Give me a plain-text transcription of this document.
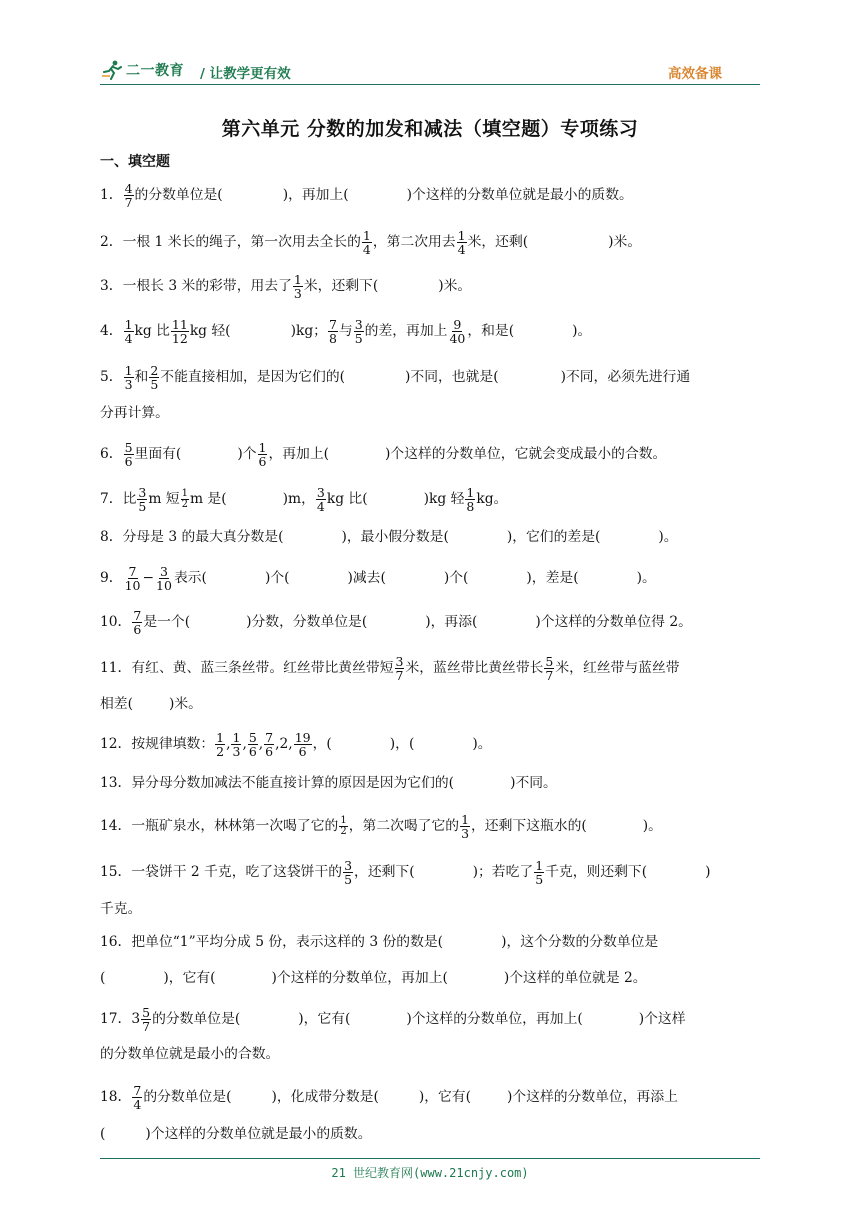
二一教育 / 让教学更有效	高效备课
第六单元 分数的加发和减法（填空题）专项练习
一、填空题
1． $\frac{4}{7}$ 的分数单位是(	)，再加上(	)个这样的分数单位就是最小的质数。
2．一根 1 米长的绳子，第一次用去全长的 $\frac{1}{4}$ ，第二次用去 $\frac{1}{4}$ 米，还剩(	)米。
3．一根长 3 米的彩带，用去了 $\frac{1}{3}$ 米，还剩下(	)米。
4． $\frac{1}{4}$ kg 比 $\frac{11}{12}$ kg 轻(	)kg； $\frac{7}{8}$ 与 $\frac{3}{5}$ 的差，再加上 $\frac{9}{40}$ ，和是(	)。
5． $\frac{1}{3}$ 和 $\frac{2}{5}$ 不能直接相加，是因为它们的(	)不同，也就是(	)不同，必须先进行通
分再计算。
6． $\frac{5}{6}$ 里面有(	)个 $\frac{1}{6}$ ，再加上(	)个这样的分数单位，它就会变成最小的合数。
7．比 $\frac{3}{5}$ m 短 $\frac{1}{2}$ m 是(	)m， $\frac{3}{4}$ kg 比(	)kg 轻 $\frac{1}{8}$ kg。
8．分母是 3 的最大真分数是(	)，最小假分数是(	)，它们的差是(	)。
9． $\frac{7}{10} - \frac{3}{10}$ 表示(	)个(	)减去(	)个(	)，差是(	)。
10． $\frac{7}{6}$ 是一个(	)分数，分数单位是(	)，再添(	)个这样的分数单位得 2。
11．有红、黄、蓝三条丝带。红丝带比黄丝带短 $\frac{3}{7}$ 米，蓝丝带比黄丝带长 $\frac{5}{7}$ 米，红丝带与蓝丝带
相差(	)米。
12．按规律填数： $\frac{1}{2}$ , $\frac{1}{3}$ , $\frac{5}{6}$ , $\frac{7}{6} ,2$, $\frac{19}{6}$ ，(	)，(	)。
13．异分母分数加减法不能直接计算的原因是因为它们的(	)不同。
14．一瓶矿泉水，林林第一次喝了它的 $\frac{1}{2}$ ，第二次喝了它的 $\frac{1}{3}$ ，还剩下这瓶水的(	)。
15．一袋饼干 2 千克，吃了这袋饼干的 $\frac{3}{5}$ ，还剩下(	)；若吃了 $\frac{1}{5}$ 千克，则还剩下(	)
千克。
16．把单位“1”平均分成 5 份，表示这样的 3 份的数是(	)，这个分数的分数单位是
(	)，它有(	)个这样的分数单位，再加上(	)个这样的单位就是 2。
17．$3 \frac{5}{7}$ 的分数单位是(	)，它有(	)个这样的分数单位，再加上(	)个这样
的分数单位就是最小的合数。
18． $\frac{7}{4}$ 的分数单位是(	)，化成带分数是(	)，它有(	)个这样的分数单位，再添上
(	)个这样的分数单位就是最小的质数。
21 世纪教育网(www.21cnjy.com)
